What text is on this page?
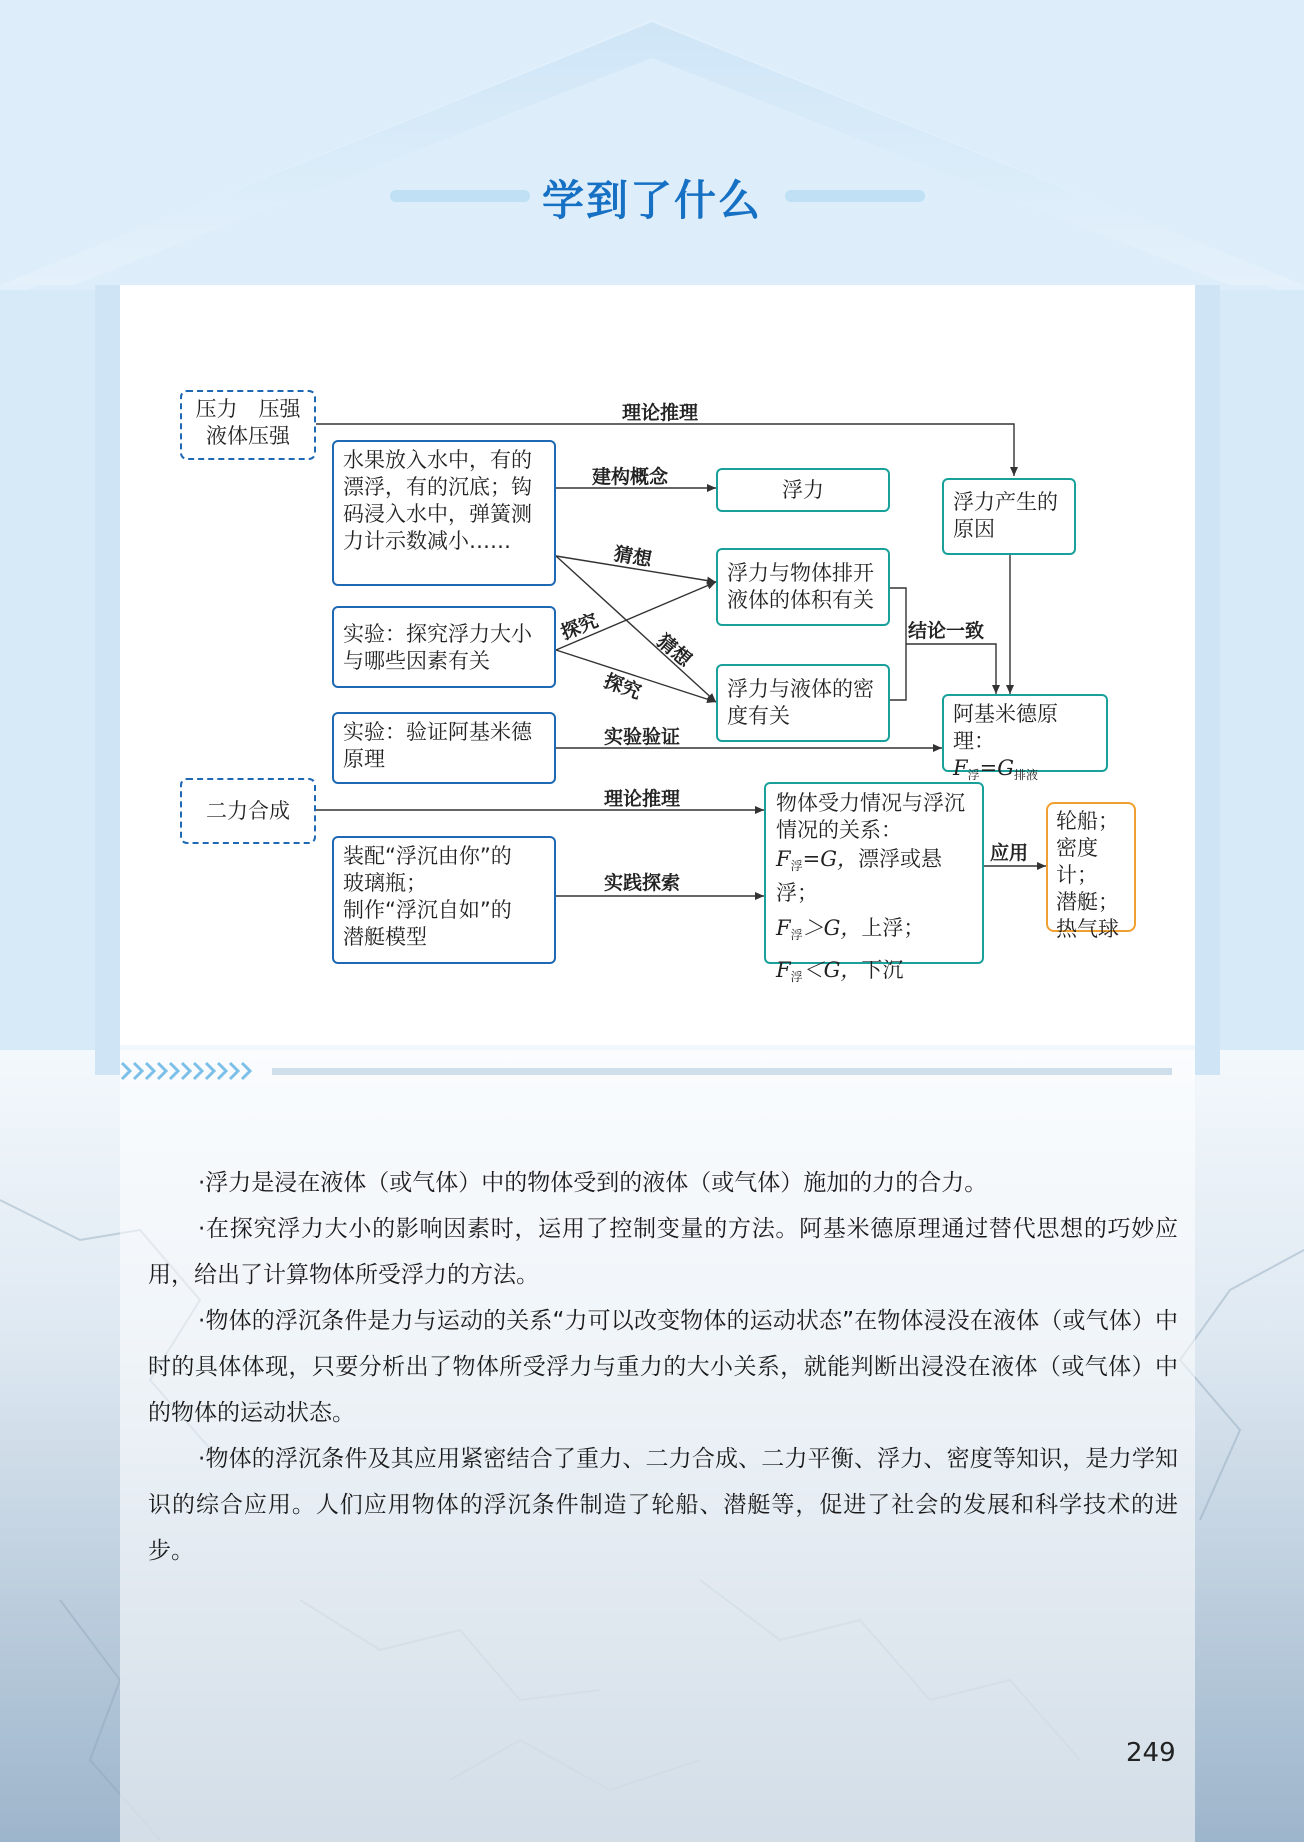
学到了什么
压力　压强
液体压强
水果放入水中，有的漂浮，有的沉底；钩码浸入水中，弹簧测力计示数减小……
实验：探究浮力大小与哪些因素有关
实验：验证阿基米德原理
二力合成
装配“浮沉由你”的
玻璃瓶；
制作“浮沉自如”的
潜艇模型
浮力
浮力与物体排开液体的体积有关
浮力与液体的密度有关
物体受力情况与浮沉情况的关系：
$F_浮=G$，漂浮或悬浮；
$F_浮>G$，上浮；
$F_浮<G$，下沉
浮力产生的原因
阿基米德原理：
$F_浮=G_{排液}$
轮船；
密度计；
潜艇；
热气球
理论推理
建构概念
猜想
探究
猜想
探究
结论一致
实验验证
理论推理
实践探索
应用

·浮力是浸在液体（或气体）中的物体受到的液体（或气体）施加的力的合力。

·在探究浮力大小的影响因素时，运用了控制变量的方法。阿基米德原理通过替代思想的巧妙应用，给出了计算物体所受浮力的方法。

·物体的浮沉条件是力与运动的关系“力可以改变物体的运动状态”在物体浸没在液体（或气体）中时的具体体现，只要分析出了物体所受浮力与重力的大小关系，就能判断出浸没在液体（或气体）中的物体的运动状态。

·物体的浮沉条件及其应用紧密结合了重力、二力合成、二力平衡、浮力、密度等知识，是力学知识的综合应用。人们应用物体的浮沉条件制造了轮船、潜艇等，促进了社会的发展和科学技术的进步。

249
